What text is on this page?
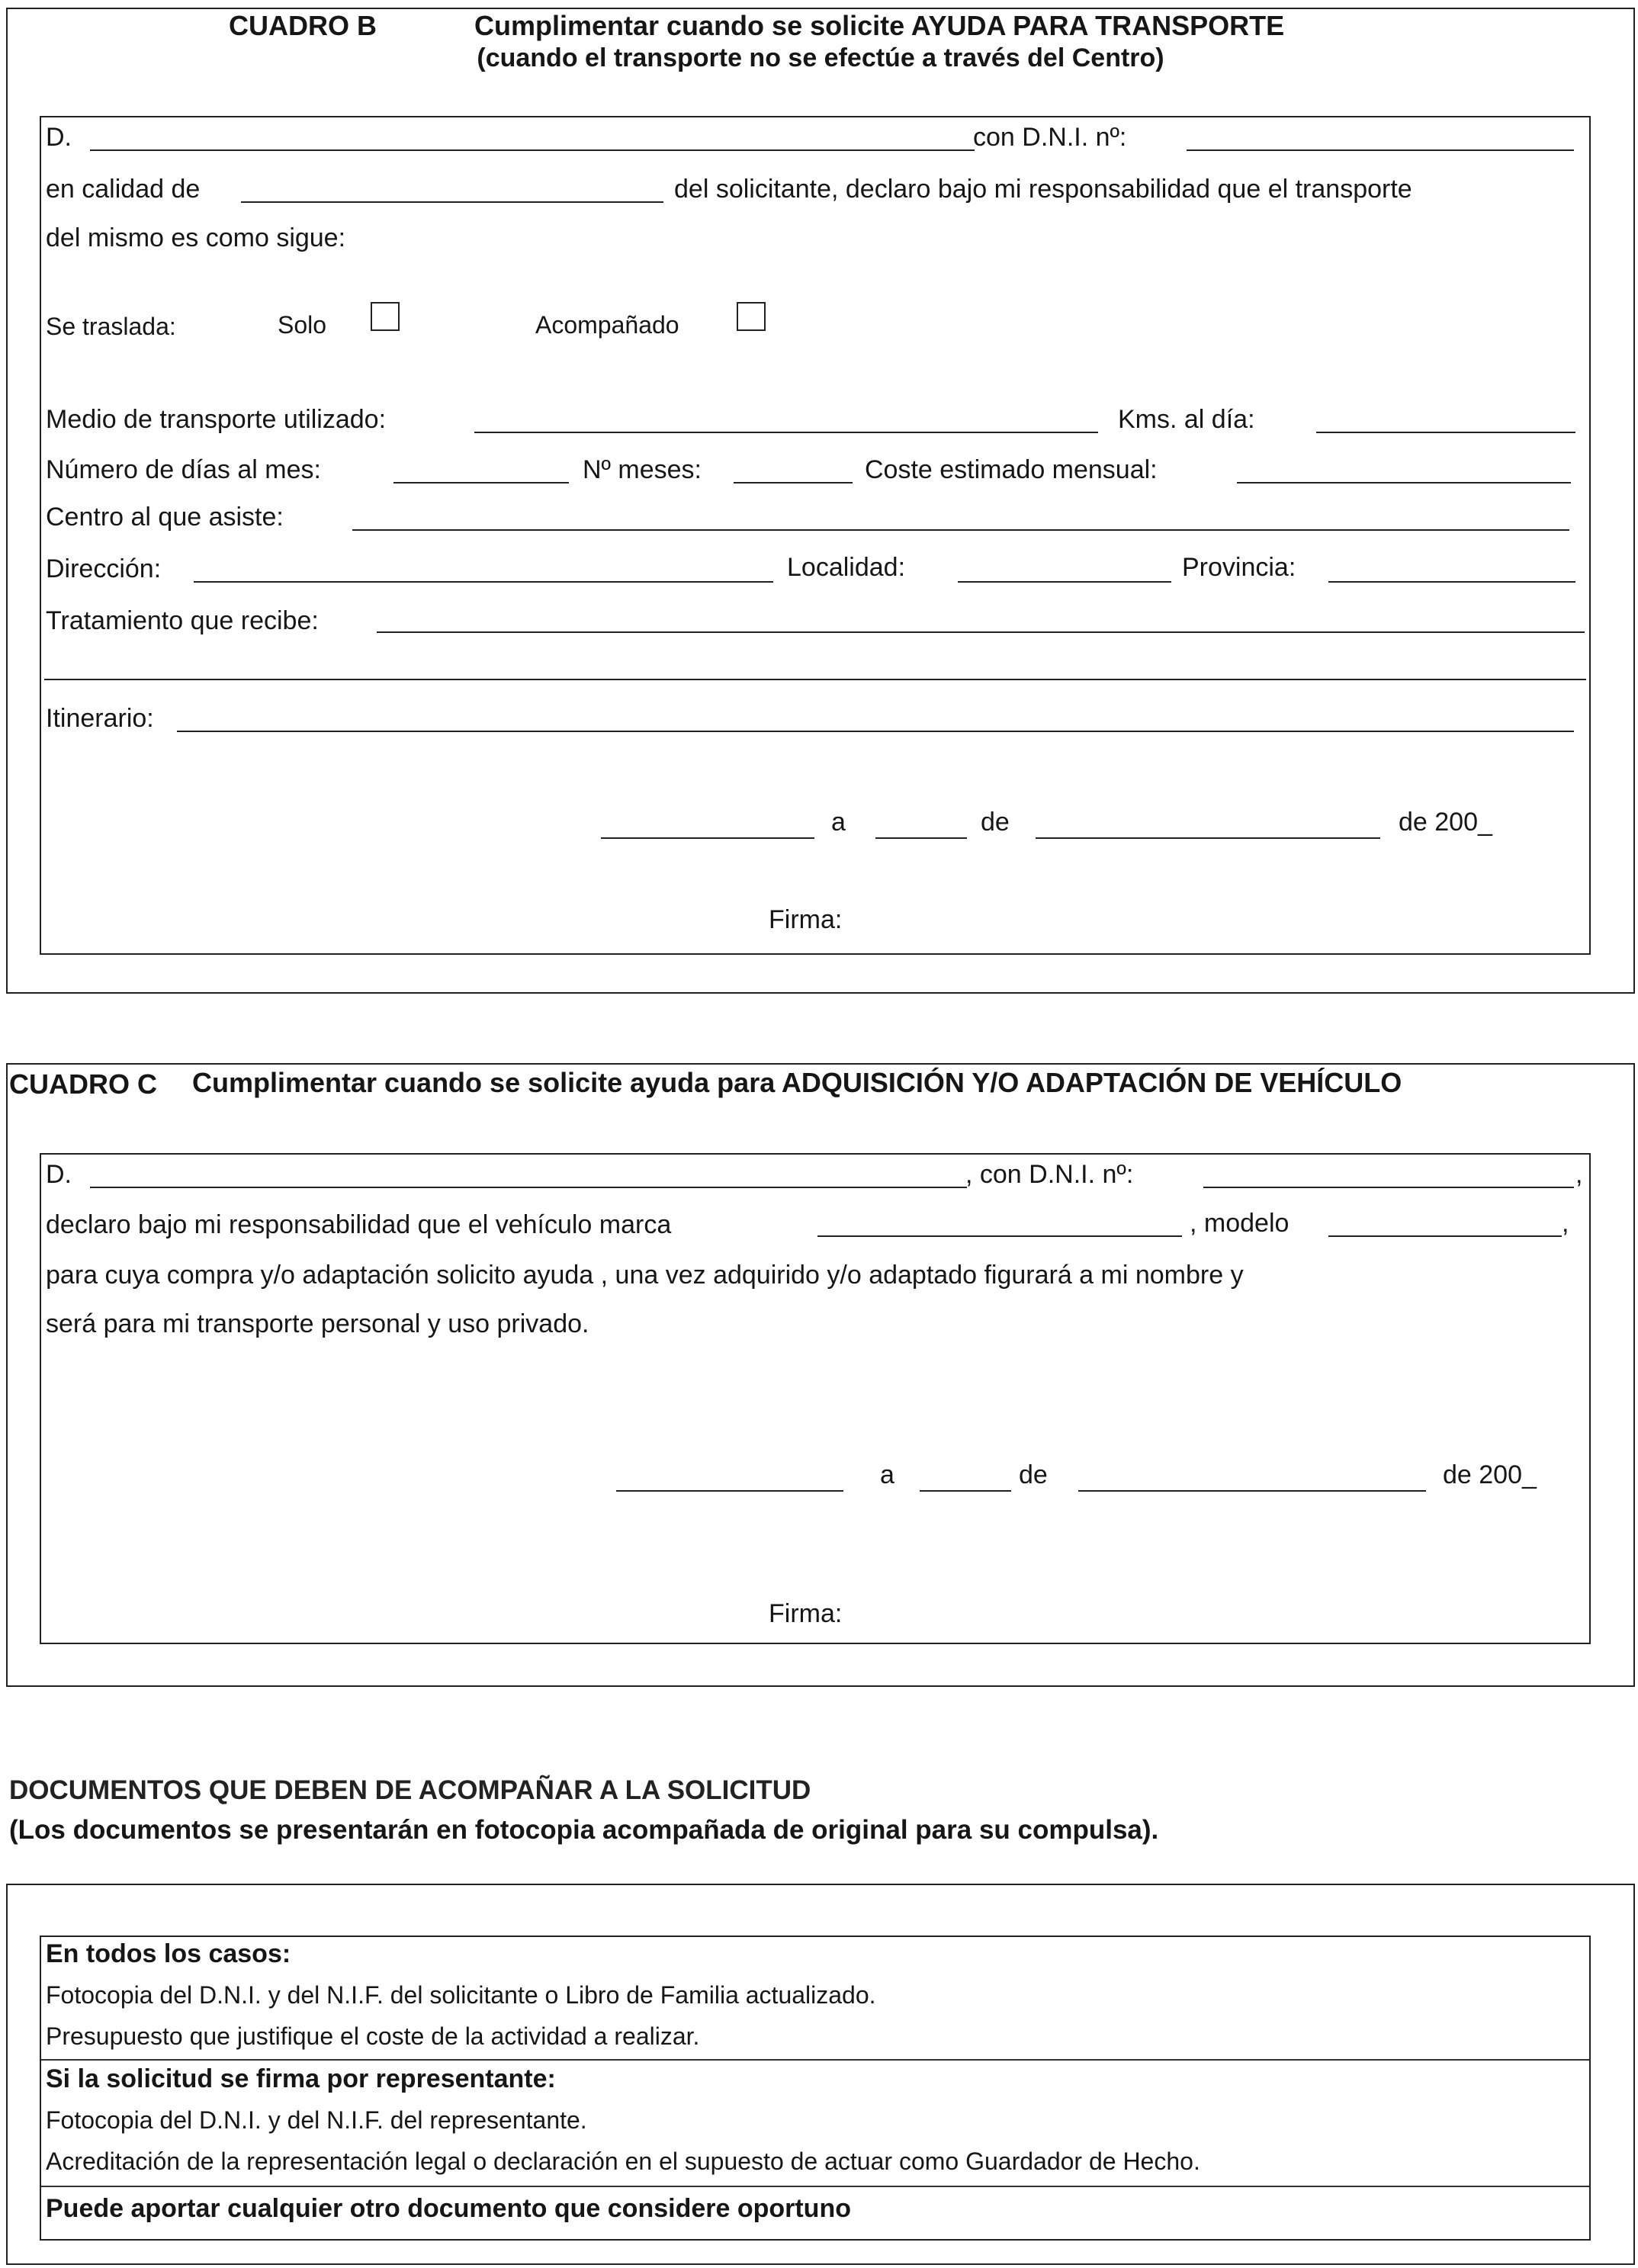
CUADRO B	Cumplimentar cuando se solicite AYUDA PARA TRANSPORTE
(cuando el transporte no se efectúe a través del Centro)
D.	con D.N.I. nº:
en calidad de	del solicitante, declaro bajo mi responsabilidad que el transporte
del mismo es como sigue:
Se traslada:	Solo	Acompañado
Medio de transporte utilizado:	Kms. al día:
Número de días al mes:	Nº meses:	Coste estimado mensual:
Centro al que asiste:
Dirección:	Localidad:	Provincia:
Tratamiento que recibe:
Itinerario:
a	de	de 200_
Firma:
CUADRO C Cumplimentar cuando se solicite ayuda para ADQUISICIÓN Y/O ADAPTACIÓN DE VEHÍCULO
D.	, con D.N.I. nº:	,
declaro bajo mi responsabilidad que el vehículo marca	, modelo	,
para cuya compra y/o adaptación solicito ayuda , una vez adquirido y/o adaptado figurará a mi nombre y
será para mi transporte personal y uso privado.
a	de	de 200_
Firma:
DOCUMENTOS QUE DEBEN DE ACOMPAÑAR A LA SOLICITUD
(Los documentos se presentarán en fotocopia acompañada de original para su compulsa).
En todos los casos:
Fotocopia del D.N.I. y del N.I.F. del solicitante o Libro de Familia actualizado.
Presupuesto que justifique el coste de la actividad a realizar.
Si la solicitud se firma por representante:
Fotocopia del D.N.I. y del N.I.F. del representante.
Acreditación de la representación legal o declaración en el supuesto de actuar como Guardador de Hecho.
Puede aportar cualquier otro documento que considere oportuno
